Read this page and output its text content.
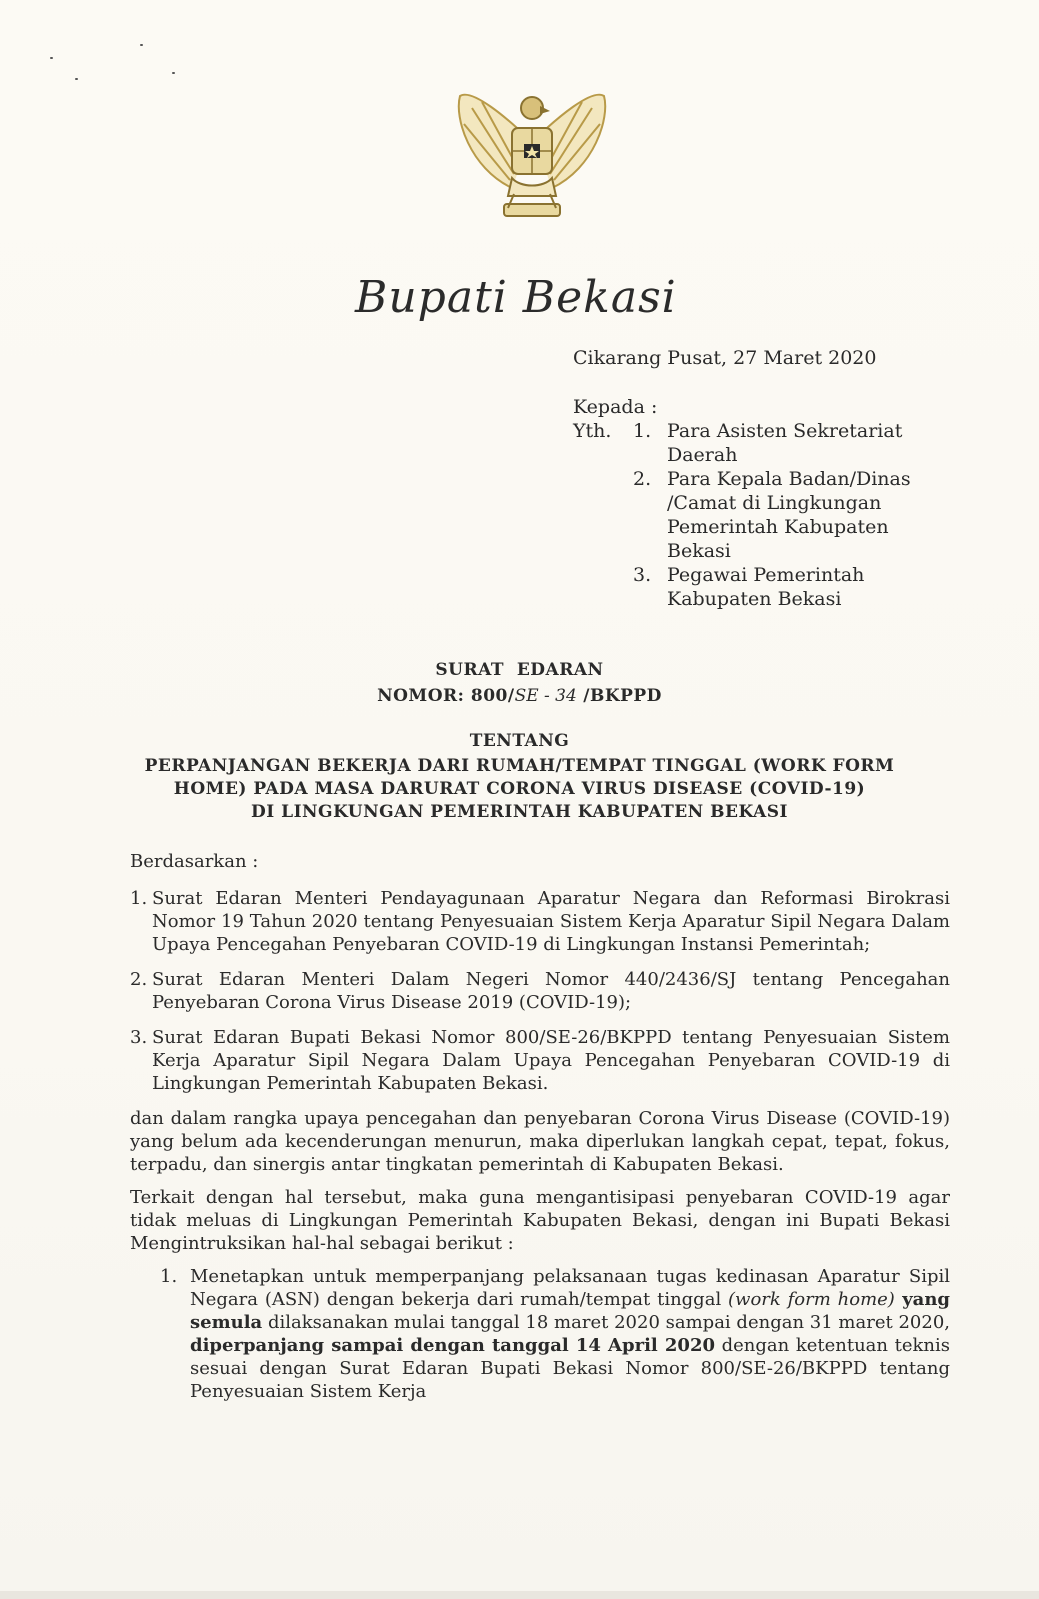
Bupati Bekasi
Cikarang Pusat, 27 Maret 2020
Kepada :
Yth.	1. Para Asisten Sekretariat
Daerah
2. Para Kepala Badan/Dinas
/Camat di Lingkungan
Pemerintah Kabupaten
Bekasi
3. Pegawai Pemerintah
Kabupaten Bekasi
SURAT  EDARAN
NOMOR: 800/SE - 34 /BKPPD
TENTANG
PERPANJANGAN BEKERJA DARI RUMAH/TEMPAT TINGGAL (WORK FORM
HOME) PADA MASA DARURAT CORONA VIRUS DISEASE (COVID-19)
DI LINGKUNGAN PEMERINTAH KABUPATEN BEKASI

Berdasarkan :

1. Surat Edaran Menteri Pendayagunaan Aparatur Negara dan Reformasi Birokrasi Nomor 19 Tahun 2020 tentang Penyesuaian Sistem Kerja Aparatur Sipil Negara Dalam Upaya Pencegahan Penyebaran COVID-19 di Lingkungan Instansi Pemerintah;
2. Surat Edaran Menteri Dalam Negeri Nomor 440/2436/SJ tentang Pencegahan Penyebaran Corona Virus Disease 2019 (COVID-19);
3. Surat Edaran Bupati Bekasi Nomor 800/SE-26/BKPPD tentang Penyesuaian Sistem Kerja Aparatur Sipil Negara Dalam Upaya Pencegahan Penyebaran COVID-19 di Lingkungan Pemerintah Kabupaten Bekasi.

dan dalam rangka upaya pencegahan dan penyebaran Corona Virus Disease (COVID-19) yang belum ada kecenderungan menurun, maka diperlukan langkah cepat, tepat, fokus, terpadu, dan sinergis antar tingkatan pemerintah di Kabupaten Bekasi.

Terkait dengan hal tersebut, maka guna mengantisipasi penyebaran COVID-19 agar tidak meluas di Lingkungan Pemerintah Kabupaten Bekasi, dengan ini Bupati Bekasi Mengintruksikan hal-hal sebagai berikut :

1. Menetapkan untuk memperpanjang pelaksanaan tugas kedinasan Aparatur Sipil Negara (ASN) dengan bekerja dari rumah/tempat tinggal (work form home) yang semula dilaksanakan mulai tanggal 18 maret 2020 sampai dengan 31 maret 2020, diperpanjang sampai dengan tanggal 14 April 2020 dengan ketentuan teknis sesuai dengan Surat Edaran Bupati Bekasi Nomor 800/SE-26/BKPPD tentang Penyesuaian Sistem Kerja
